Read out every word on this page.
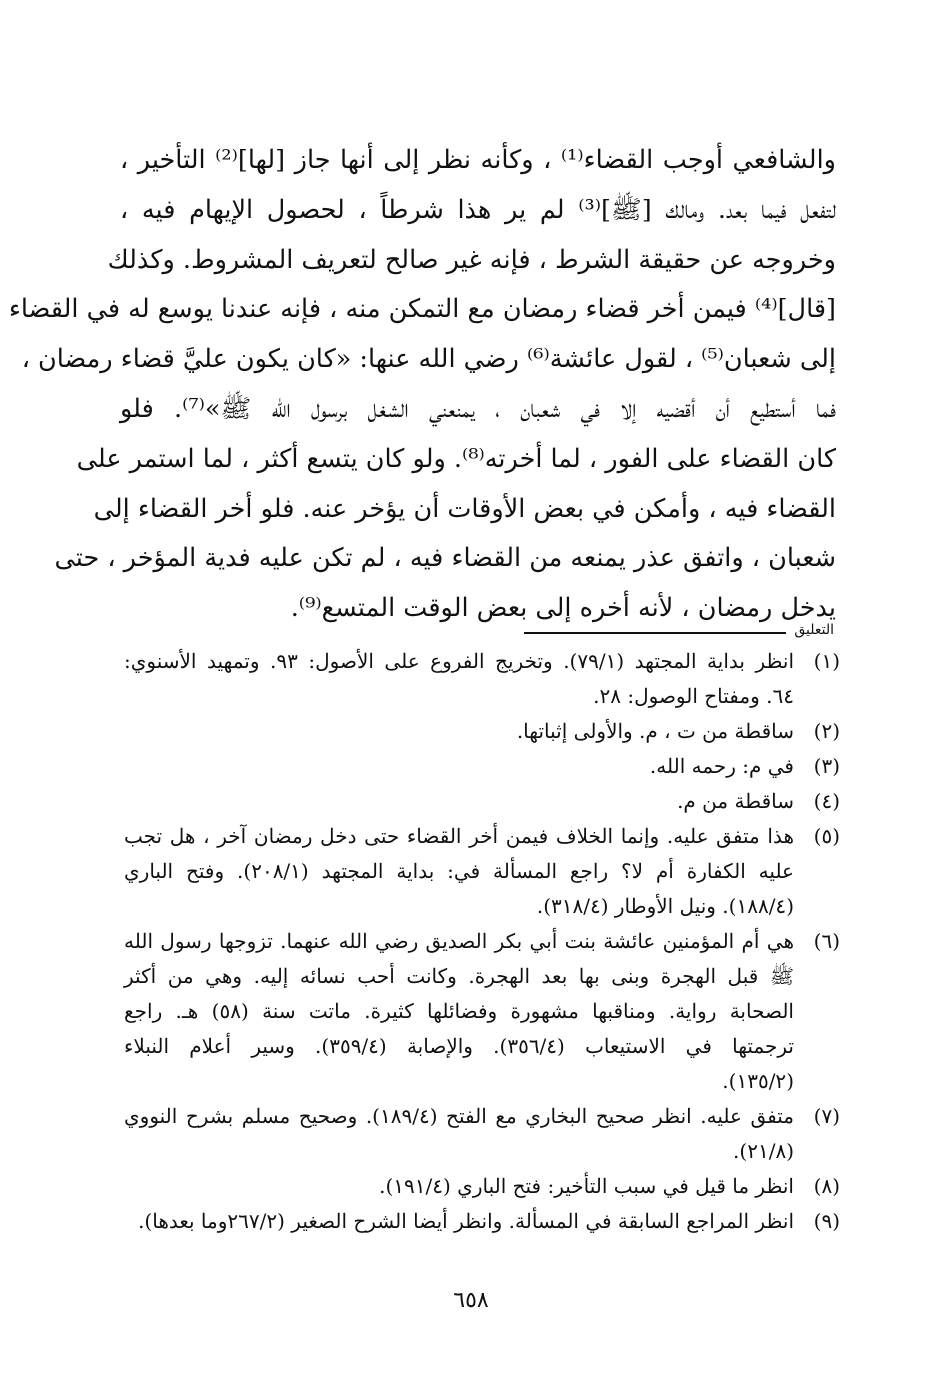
والشافعي أوجب القضاء⁽¹⁾ ، وكأنه نظر إلى أنها جاز [لها]⁽²⁾ التأخير ،
لتفعل فيما بعد. ومالك [ﷺ]⁽³⁾ لم ير هذا شرطاً ، لحصول الإيهام فيه ،
وخروجه عن حقيقة الشرط ، فإنه غير صالح لتعريف المشروط. وكذلك
[قال]⁽⁴⁾ فيمن أخر قضاء رمضان مع التمكن منه ، فإنه عندنا يوسع له في القضاء
إلى شعبان⁽⁵⁾ ، لقول عائشة⁽⁶⁾ رضي الله عنها: «كان يكون عليَّ قضاء رمضان ،
فما أستطيع أن أقضيه إلا في شعبان ، يمنعني الشغل برسول الله ﷺ»⁽⁷⁾. فلو
كان القضاء على الفور ، لما أخرته⁽⁸⁾. ولو كان يتسع أكثر ، لما استمر على
القضاء فيه ، وأمكن في بعض الأوقات أن يؤخر عنه. فلو أخر القضاء إلى
شعبان ، واتفق عذر يمنعه من القضاء فيه ، لم تكن عليه فدية المؤخر ، حتى
يدخل رمضان ، لأنه أخره إلى بعض الوقت المتسع⁽⁹⁾.
التعليق
(١)
انظر بداية المجتهد (٧٩/١). وتخريج الفروع على الأصول: ٩٣. وتمهيد الأسنوي:
٦٤. ومفتاح الوصول: ٢٨.
(٢)
ساقطة من ت ، م. والأولى إثباتها.
(٣)
في م: رحمه الله.
(٤)
ساقطة من م.
(٥)
هذا متفق عليه. وإنما الخلاف فيمن أخر القضاء حتى دخل رمضان آخر ، هل تجب
عليه الكفارة أم لا؟ راجع المسألة في: بداية المجتهد (٢٠٨/١). وفتح الباري
(١٨٨/٤). ونيل الأوطار (٣١٨/٤).
(٦)
هي أم المؤمنين عائشة بنت أبي بكر الصديق رضي الله عنهما. تزوجها رسول الله
ﷺ قبل الهجرة وبنى بها بعد الهجرة. وكانت أحب نسائه إليه. وهي من أكثر
الصحابة رواية. ومناقبها مشهورة وفضائلها كثيرة. ماتت سنة (٥٨) هـ. راجع
ترجمتها في الاستيعاب (٣٥٦/٤). والإصابة (٣٥٩/٤). وسير أعلام النبلاء
(١٣٥/٢).
(٧)
متفق عليه. انظر صحيح البخاري مع الفتح (١٨٩/٤). وصحيح مسلم بشرح النووي
(٢١/٨).
(٨)
انظر ما قيل في سبب التأخير: فتح الباري (١٩١/٤).
(٩)
انظر المراجع السابقة في المسألة. وانظر أيضا الشرح الصغير (٢٦٧/٢وما بعدها).
٦٥٨
